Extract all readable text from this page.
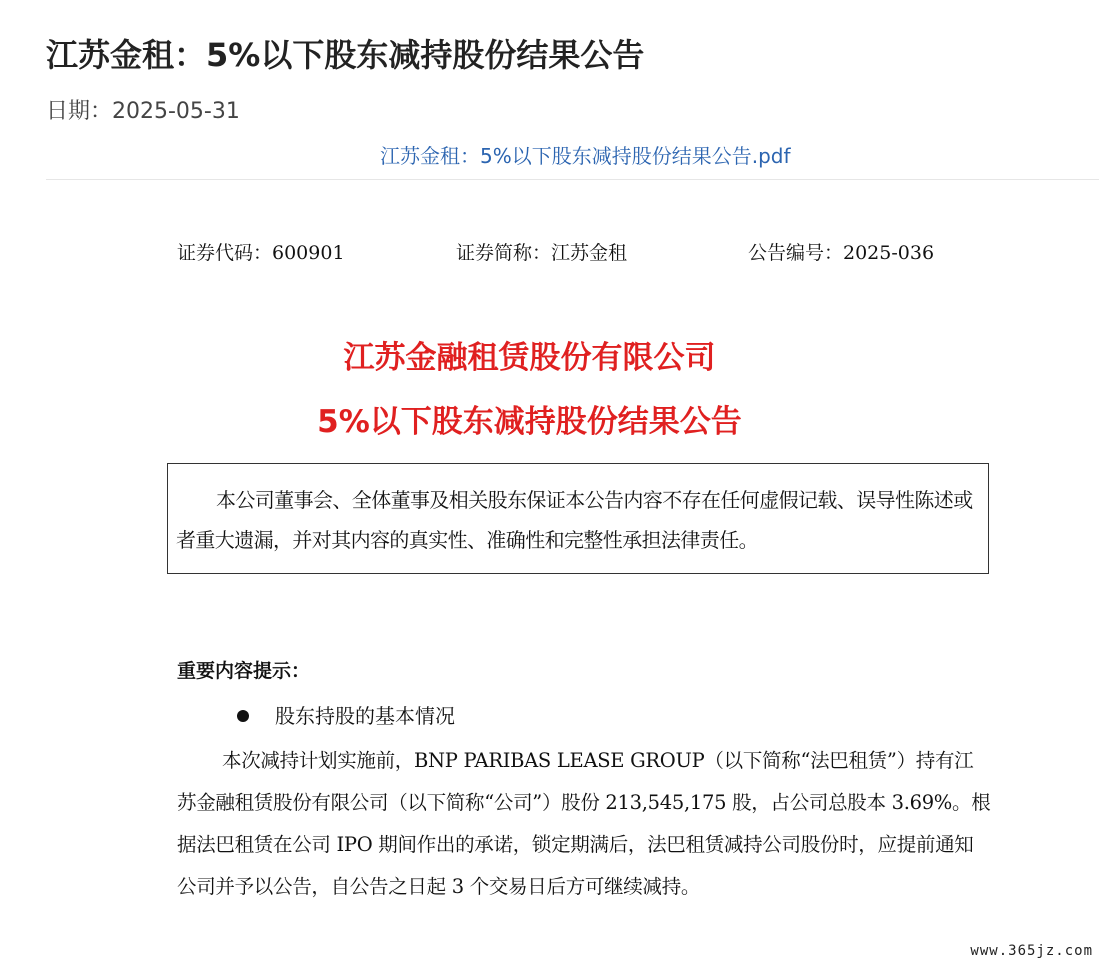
江苏金租：5%以下股东减持股份结果公告
日期：2025-05-31
江苏金租：5%以下股东减持股份结果公告.pdf
证券代码：600901	证券简称：江苏金租	公告编号：2025-036
江苏金融租赁股份有限公司
5%以下股东减持股份结果公告
本公司董事会、全体董事及相关股东保证本公告内容不存在任何虚假记载、误导性陈述或者重大遗漏，并对其内容的真实性、准确性和完整性承担法律责任。
重要内容提示：
股东持股的基本情况
本次减持计划实施前，BNP PARIBAS LEASE GROUP（以下简称“法巴租赁”）持有江苏金融租赁股份有限公司（以下简称“公司”）股份 213,545,175 股，占公司总股本 3.69%。根据法巴租赁在公司 IPO 期间作出的承诺，锁定期满后，法巴租赁减持公司股份时，应提前通知公司并予以公告，自公告之日起 3 个交易日后方可继续减持。
www.365jz.com
